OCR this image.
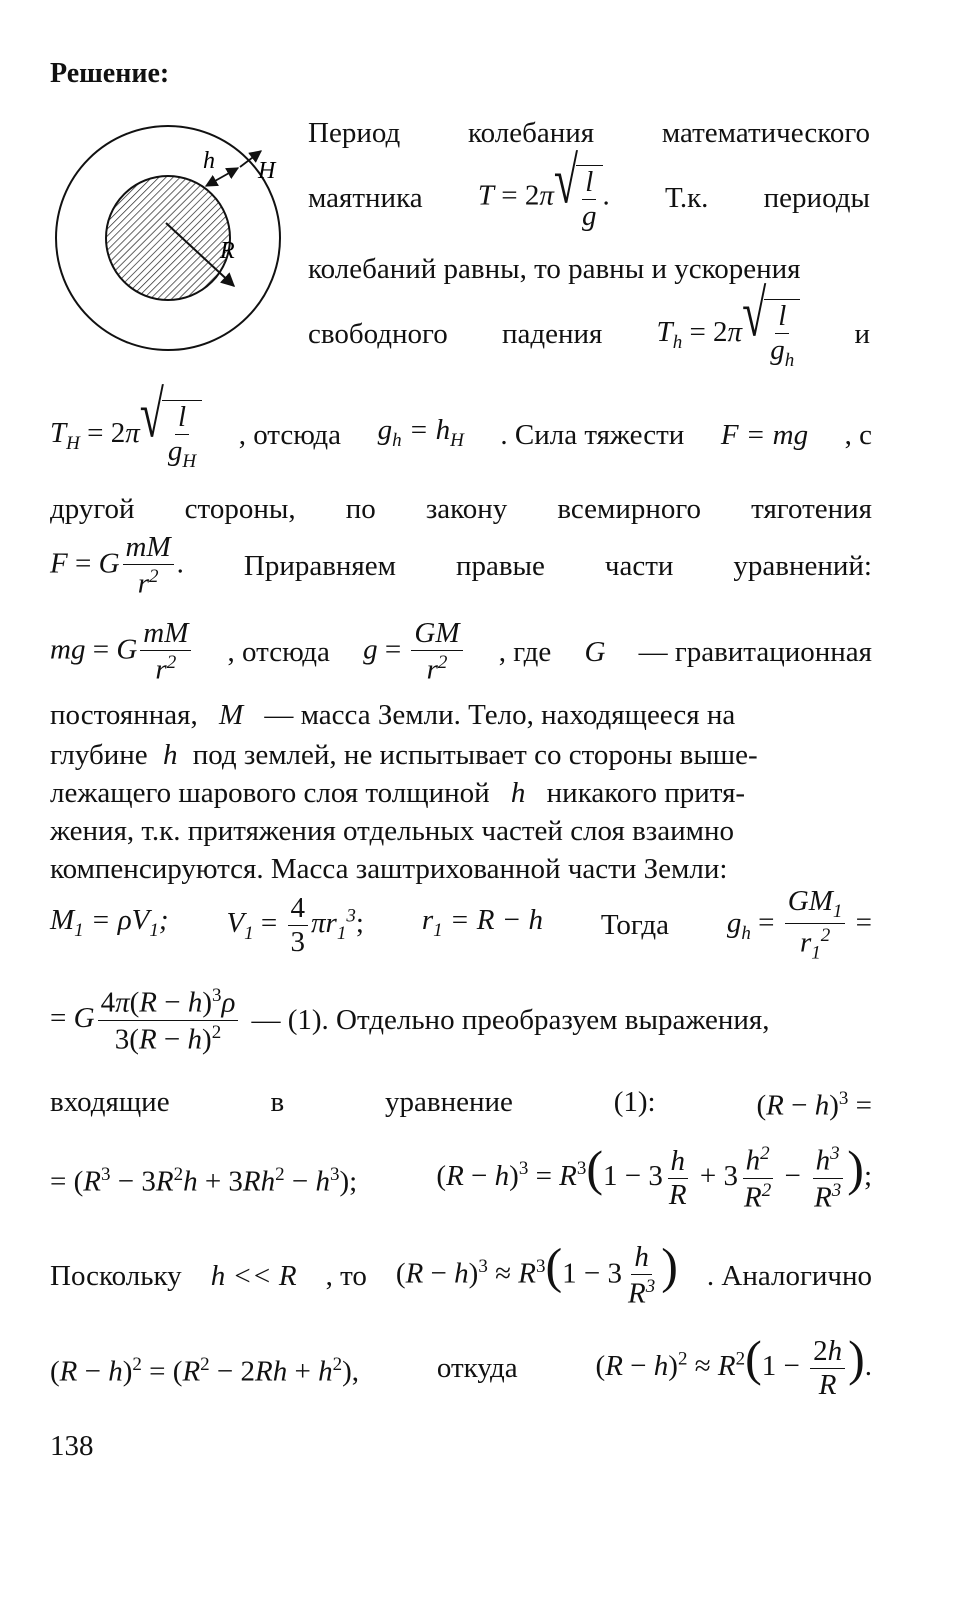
Решение:
h H
R
Период колебания математического
маятника T = 2π √ $\frac{l}{g}$ . Т.к. периоды
колебаний равны, то равны и ускорения
свободного падения $T_h = 2\pi$ √ $\frac{l}{g_h}$ и
$T_H = 2\pi$ √ $\frac{l}{g_H}$ , отсюда $g_h = h_H$ . Сила тяжести F = mg , с
другой стороны, по закону всемирного тяготения
F = G $\frac{mM}{r^2}$ . Приравняем правые части уравнений:
mg = G $\frac{mM}{r^2}$ , отсюда $g = \frac{GM}{r^2}$ , где G — гравитационная
постоянная, M — масса Земли. Тело, находящееся на
глубине h под землей, не испытывает со стороны выше-
лежащего шарового слоя толщиной h никакого притя-
жения, т.к. притяжения отдельных частей слоя взаимно
компенсируются. Масса заштрихованной части Земли:
$M_1 = \rho V_1$; $V_1 = \frac{4}{3} \pi r_1^3$; $r_1 = R - h$ Тогда $g_h = \frac{GM_1}{r_1^2}$ =
= G $\frac{4\pi(R - h)^3\rho}{3(R - h)^2}$ — (1). Отдельно преобразуем выражения,
входящие	в	уравнение	(1):	$(R - h)^3$ =
= $(R^3 - 3R^2h + 3Rh^2 - h^3)$;	$(R - h)^3 = R^3(1 - 3 \frac{h}{R} + 3 \frac{h^2}{R^2} - \frac{h^3}{R^3}$ );
Поскольку h << R , то $(R - h)^3 \approx R^3(1 - 3 \frac{h}{R^3}$ ) . Аналогично
$(R - h)^2 = (R^2 - 2Rh + h^2)$,	откуда	$(R - h)^2 \approx R^2(1 - \frac{2h}{R}$ ).
138
